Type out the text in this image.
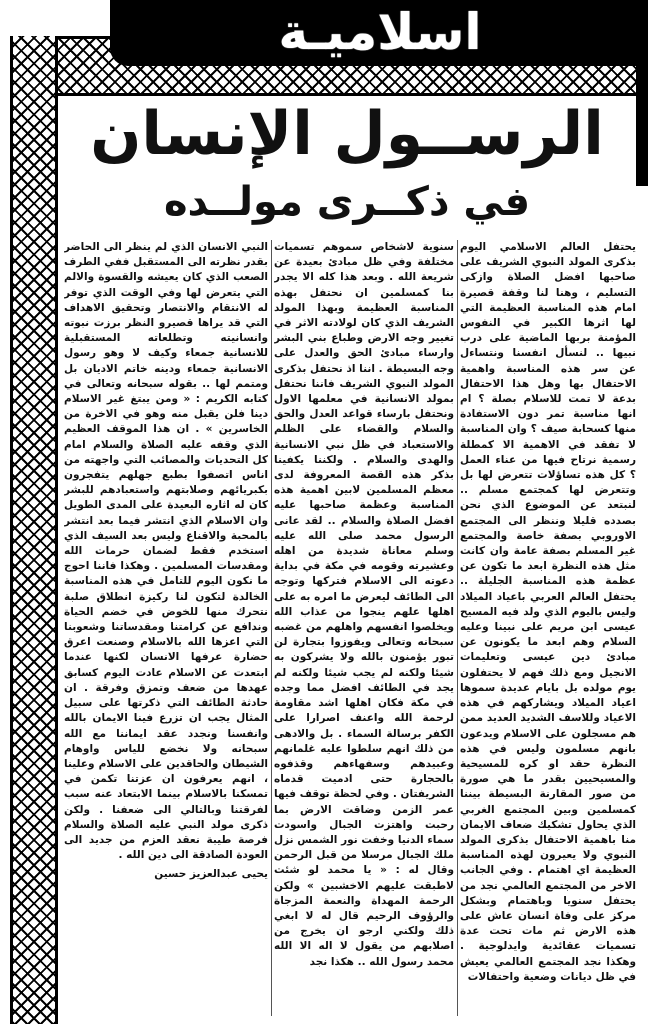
اسلاميـة
الرســول الإنسان
في ذكــرى مولــده

يحتفل العالم الاسلامي اليوم بذكرى المولد النبوي الشريف على صاحبها افضل الصلاة وازكى التسليم ، وهنا لنا وقفة قصيرة امام هذه المناسبة العظيمة التي لها اثرها الكبير في النفوس المؤمنة بربها الماضية على درب نبيها .. لنسأل انفسنا ونتساءل عن سر هذه المناسبة واهمية الاحتفال بها وهل هذا الاحتفال بدعة لا تمت للاسلام بصلة ؟ ام انها مناسبة تمر دون الاستفادة منها كسحابة صيف ؟ وان المناسبة لا تفقد في الاهمية الا كمطلة رسمية نرتاح فيها من عناء العمل ؟ كل هذه تساؤلات تتعرض لها بل وتتعرض لها كمجتمع مسلم .. لنبتعد عن الموضوع الذي نحن بصدده قليلا وننظر الى المجتمع الاوروبي بصفة خاصة والمجتمع غير المسلم بصفة عامة وان كانت مثل هذه النظرة ابعد ما تكون عن عظمة هذه المناسبة الجليلة .. يحتفل العالم العربي باعياد الميلاد وليس باليوم الذي ولد فيه المسيح عيسى ابن مريم على نبينا وعليه السلام وهم ابعد ما يكونون عن مبادئ دين عيسى وتعليمات الانجيل ومع ذلك فهم لا يحتفلون يوم مولده بل بايام عديدة سموها اعياد الميلاد ويشاركهم في هذه الاعياد وللاسف الشديد العديد ممن هم مسجلون على الاسلام ويدعون بانهم مسلمون وليس في هذه النظرة حقد او كره للمسيحية والمسيحيين بقدر ما هي صورة من صور المقارنة البسيطة بيننا كمسلمين وبين المجتمع الغربي الذي يحاول تشكيك ضعاف الايمان منا باهمية الاحتفال بذكرى المولد النبوي ولا يعيرون لهذه المناسبة العظيمة اي اهتمام . وفي الجانب الاخر من المجتمع العالمي نجد من يحتفل سنويا وباهتمام وبشكل مركز على وفاة انسان عاش على هذه الارض ثم مات تحت عدة تسميات عقائدية وايدلوجية . وهكذا نجد المجتمع العالمي يعيش في ظل ديانات وضعية واحتفالات

سنوية لاشخاص سموهم تسميات مختلفة وفي ظل مبادئ بعيدة عن شريعة الله . وبعد هذا كله الا يجدر بنا كمسلمين ان نحتفل بهذه المناسبة العظيمة وبهذا المولد الشريف الذي كان لولادته الاثر في تغيير وجه الارض وطباع بني البشر وارساء مبادئ الحق والعدل على وجه البسيطة . اننا اذ نحتفل بذكرى المولد النبوي الشريف فاننا نحتفل بمولد الانسانية في معلمها الاول ونحتفل بارساء قواعد العدل والحق والسلام والقضاء على الظلم والاستعباد في ظل نبي الانسانية والهدى والسلام . ولكننا يكفينا بذكر هذه القصة المعروفة لدى معظم المسلمين لابين اهمية هذه المناسبة وعظمة صاحبها عليه افضل الصلاة والسلام .. لقد عانى الرسول محمد صلى الله عليه وسلم معاناة شديدة من اهله وعشيرته وقومه في مكة في بداية دعوته الى الاسلام فتركها وتوجه الى الطائف ليعرض ما امره به على اهلها علهم ينجوا من عذاب الله ويخلصوا انفسهم واهلهم من غضبه سبحانه وتعالى ويفوزوا بتجارة لن تبور يؤمنون بالله ولا يشركون به شيئا ولكنه لم يجب شيئا ولكنه لم يجد في الطائف افضل مما وجده في مكة فكان اهلها اشد مقاومة لرحمة الله واعنف اصرارا على الكفر برسالة السماء . بل والادهى من ذلك انهم سلطوا عليه غلمانهم وعبيدهم وسفهاءهم وقذفوه بالحجارة حتى ادميت قدماه الشريفتان . وفي لحظة توقف فيها عمر الزمن وضاقت الارض بما رحبت واهتزت الجبال واسودت سماء الدنيا وخفت نور الشمس نزل ملك الجبال مرسلا من قبل الرحمن وقال له : « يا محمد لو شئت لاطبقت عليهم الاخشبين » ولكن الرحمة المهداة والنعمة المزجاة والرؤوف الرحيم قال له لا ابغي ذلك ولكني ارجو ان يخرج من اصلابهم من يقول لا اله الا الله محمد رسول الله .. هكذا نجد

النبي الانسان الذي لم ينظر الى الحاضر بقدر نظرته الى المستقبل ففي الطرف الصعب الذي كان يعيشه والقسوة والالم التي يتعرض لها وفي الوقت الذي توفر له الانتقام والانتصار وتحقيق الاهداف التي قد يراها قصيرو النظر برزت نبوته وانسانيته وتطلعاته المستقبلية للانسانية جمعاء وكيف لا وهو رسول الانسانية جمعاء ودينه خاتم الاديان بل ومتمم لها .. بقوله سبحانه وتعالى في كتابه الكريم : « ومن يبتغ غير الاسلام دينا فلن يقبل منه وهو في الاخرة من الخاسرين » . ان هذا الموقف العظيم الذي وقفه عليه الصلاة والسلام امام كل التحديات والمصائب التي واجهته من اناس اتصفوا بطبع جهلهم يتفجرون بكبريائهم وصلابتهم واستعبادهم للبشر كان له اثاره البعيدة على المدى الطويل وان الاسلام الذي انتشر فيما بعد انتشر بالمحبة والاقناع وليس بعد السيف الذي استخدم فقط لضمان حرمات الله ومقدسات المسلمين . وهكذا فاننا احوج ما نكون اليوم للتامل في هذه المناسبة الخالدة لتكون لنا ركيزة انطلاق صلبة نتحرك منها للخوض في خضم الحياة وندافع عن كرامتنا ومقدساتنا وشعوبنا التي اعزها الله بالاسلام وصنعت اعرق حضارة عرفها الانسان لكنها عندما ابتعدت عن الاسلام عادت اليوم كسابق عهدها من ضعف وتمزق وفرقة . ان حادثة الطائف التي ذكرتها على سبيل المثال يجب ان تزرع فينا الايمان بالله وانفسنا ونجدد عقد ايماننا مع الله سبحانه ولا نخضع للياس واوهام الشيطان والحاقدين على الاسلام وعلينا ، انهم يعرفون ان عزتنا تكمن في تمسكنا بالاسلام بينما الابتعاد عنه سبب لفرقتنا وبالتالي الى ضعفنا . ولكن ذكرى مولد النبي عليه الصلاة والسلام فرصة طيبة نعقد العزم من جديد الى العودة الصادقة الى دين الله .

يحيى عبدالعزيز حسين
